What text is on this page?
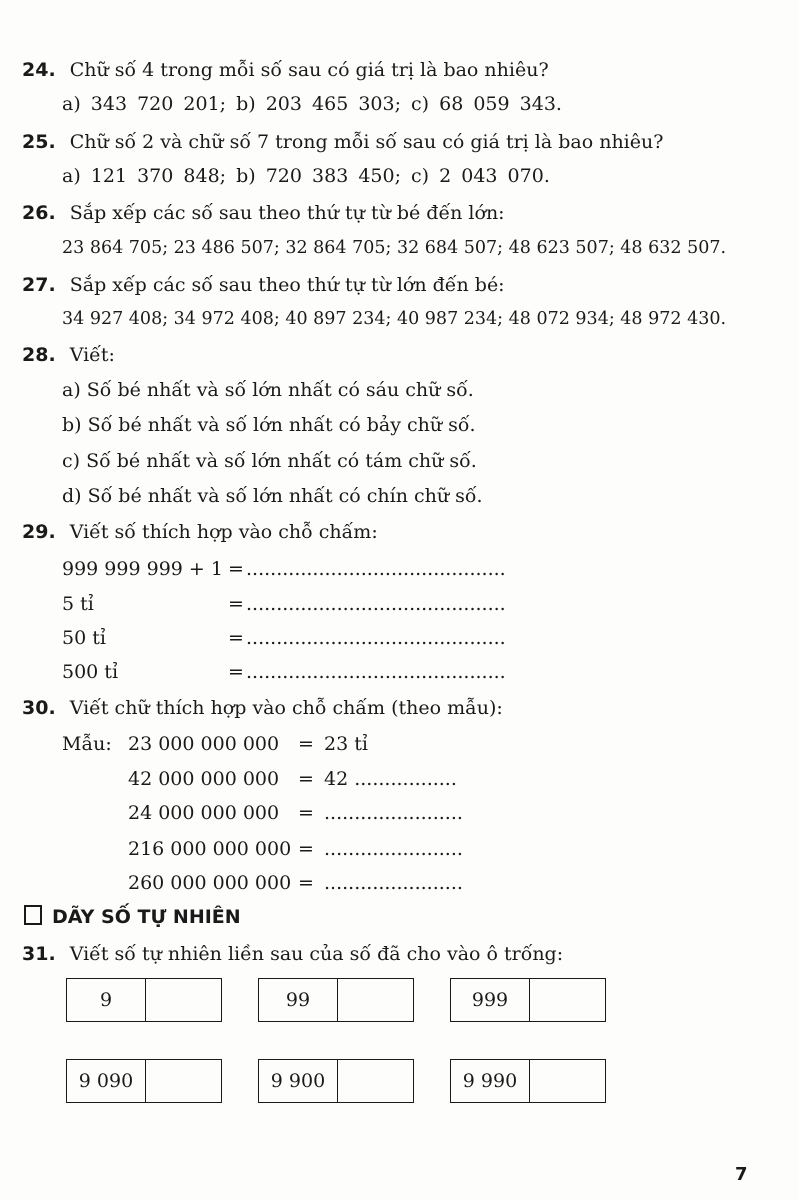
24. Chữ số 4 trong mỗi số sau có giá trị là bao nhiêu?
a) 343 720 201; b) 203 465 303; c) 68 059 343.
25. Chữ số 2 và chữ số 7 trong mỗi số sau có giá trị là bao nhiêu?
a) 121 370 848; b) 720 383 450; c) 2 043 070.
26. Sắp xếp các số sau theo thứ tự từ bé đến lớn:
23 864 705; 23 486 507; 32 864 705; 32 684 507; 48 623 507; 48 632 507.
27. Sắp xếp các số sau theo thứ tự từ lớn đến bé:
34 927 408; 34 972 408; 40 897 234; 40 987 234; 48 072 934; 48 972 430.
28. Viết:
a) Số bé nhất và số lớn nhất có sáu chữ số.
b) Số bé nhất và số lớn nhất có bảy chữ số.
c) Số bé nhất và số lớn nhất có tám chữ số.
d) Số bé nhất và số lớn nhất có chín chữ số.
29. Viết số thích hợp vào chỗ chấm:
999 999 999 + 1 = ...........................................
5 tỉ	= ...........................................
50 tỉ	= ...........................................
500 tỉ	= ...........................................
30. Viết chữ thích hợp vào chỗ chấm (theo mẫu):
Mẫu: 23 000 000 000 = 23 tỉ
42 000 000 000 = 42 .................
24 000 000 000 = .......................
216 000 000 000 = .......................
260 000 000 000 = .......................
DÃY SỐ TỰ NHIÊN
31. Viết số tự nhiên liền sau của số đã cho vào ô trống:
9	99	999
9 090	9 900	9 990
7
